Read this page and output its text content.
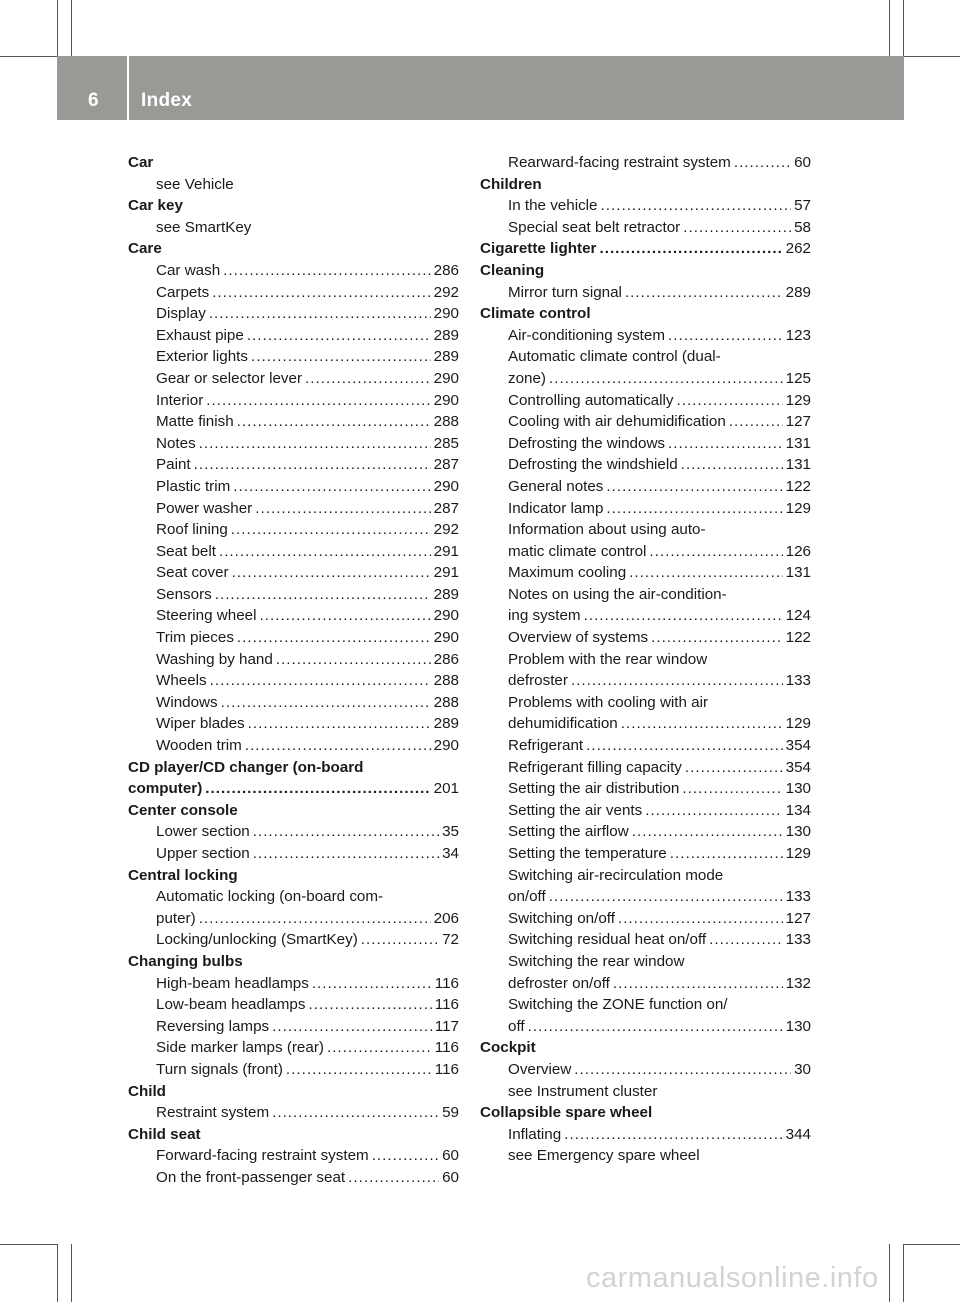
6 Index
Car
see Vehicle
Car key
see SmartKey
Care
Car wash . . .	286
Carpets . . .	292
Display . . .	290
Exhaust pipe . . .	289
Exterior lights . . .	289
Gear or selector lever . . .	290
Interior . . .	290
Matte finish . . .	288
Notes . . .	285
Paint . . .	287
Plastic trim . . .	290
Power washer . . .	287
Roof lining . . .	292
Seat belt . . .	291
Seat cover . . .	291
Sensors . . .	289
Steering wheel . . .	290
Trim pieces . . .	290
Washing by hand . . .	286
Wheels . . .	288
Windows . . .	288
Wiper blades . . .	289
Wooden trim . . .	290
CD player/CD changer (on-board
computer) . . .	201
Center console
Lower section . . .	35
Upper section . . .	34
Central locking
Automatic locking (on-board com-
puter) . . .	206
Locking/unlocking (SmartKey) . . .	72
Changing bulbs
High-beam headlamps . . .	116
Low-beam headlamps . . .	116
Reversing lamps . . .	117
Side marker lamps (rear) . . .	116
Turn signals (front) . . .	116
Child
Restraint system . . .	59
Child seat
Forward-facing restraint system . . .	60
On the front-passenger seat . . .	60
Rearward-facing restraint system . . .	60
Children
In the vehicle . . .	57
Special seat belt retractor . . .	58
Cigarette lighter . . .	262
Cleaning
Mirror turn signal . . .	289
Climate control
Air-conditioning system . . .	123
Automatic climate control (dual-
zone) . . .	125
Controlling automatically . . .	129
Cooling with air dehumidification . . .	127
Defrosting the windows . . .	131
Defrosting the windshield . . .	131
General notes . . .	122
Indicator lamp . . .	129
Information about using auto-
matic climate control . . .	126
Maximum cooling . . .	131
Notes on using the air-condition-
ing system . . .	124
Overview of systems . . .	122
Problem with the rear window
defroster . . .	133
Problems with cooling with air
dehumidification . . .	129
Refrigerant . . .	354
Refrigerant filling capacity . . .	354
Setting the air distribution . . .	130
Setting the air vents . . .	134
Setting the airflow . . .	130
Setting the temperature . . .	129
Switching air-recirculation mode
on/off . . .	133
Switching on/off . . .	127
Switching residual heat on/off . . .	133
Switching the rear window
defroster on/off . . .	132
Switching the ZONE function on/
off . . .	130
Cockpit
Overview . . .	30
see Instrument cluster
Collapsible spare wheel
Inflating . . .	344
see Emergency spare wheel
carmanualsonline.info
